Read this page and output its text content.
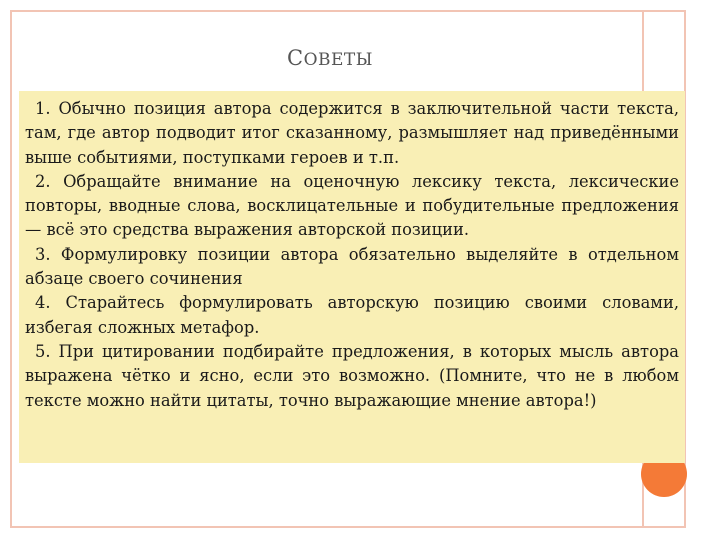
СОВЕТЫ

1. Обычно позиция автора содержится в заключительной части текста, там, где автор подводит итог сказанному, размышляет над приведёнными выше событиями, поступками героев и т.п.

2. Обращайте внимание на оценочную лексику текста, лексические повторы, вводные слова, восклицательные и побудительные предложения — всё это средства выражения авторской позиции.

3. Формулировку позиции автора обязательно выделяйте в отдельном абзаце своего сочинения

4. Старайтесь формулировать авторскую позицию своими словами, избегая сложных метафор.

5. При цитировании подбирайте предложения, в которых мысль автора выражена чётко и ясно, если это возможно. (Помните, что не в любом тексте можно найти цитаты, точно выражающие мнение автора!)
